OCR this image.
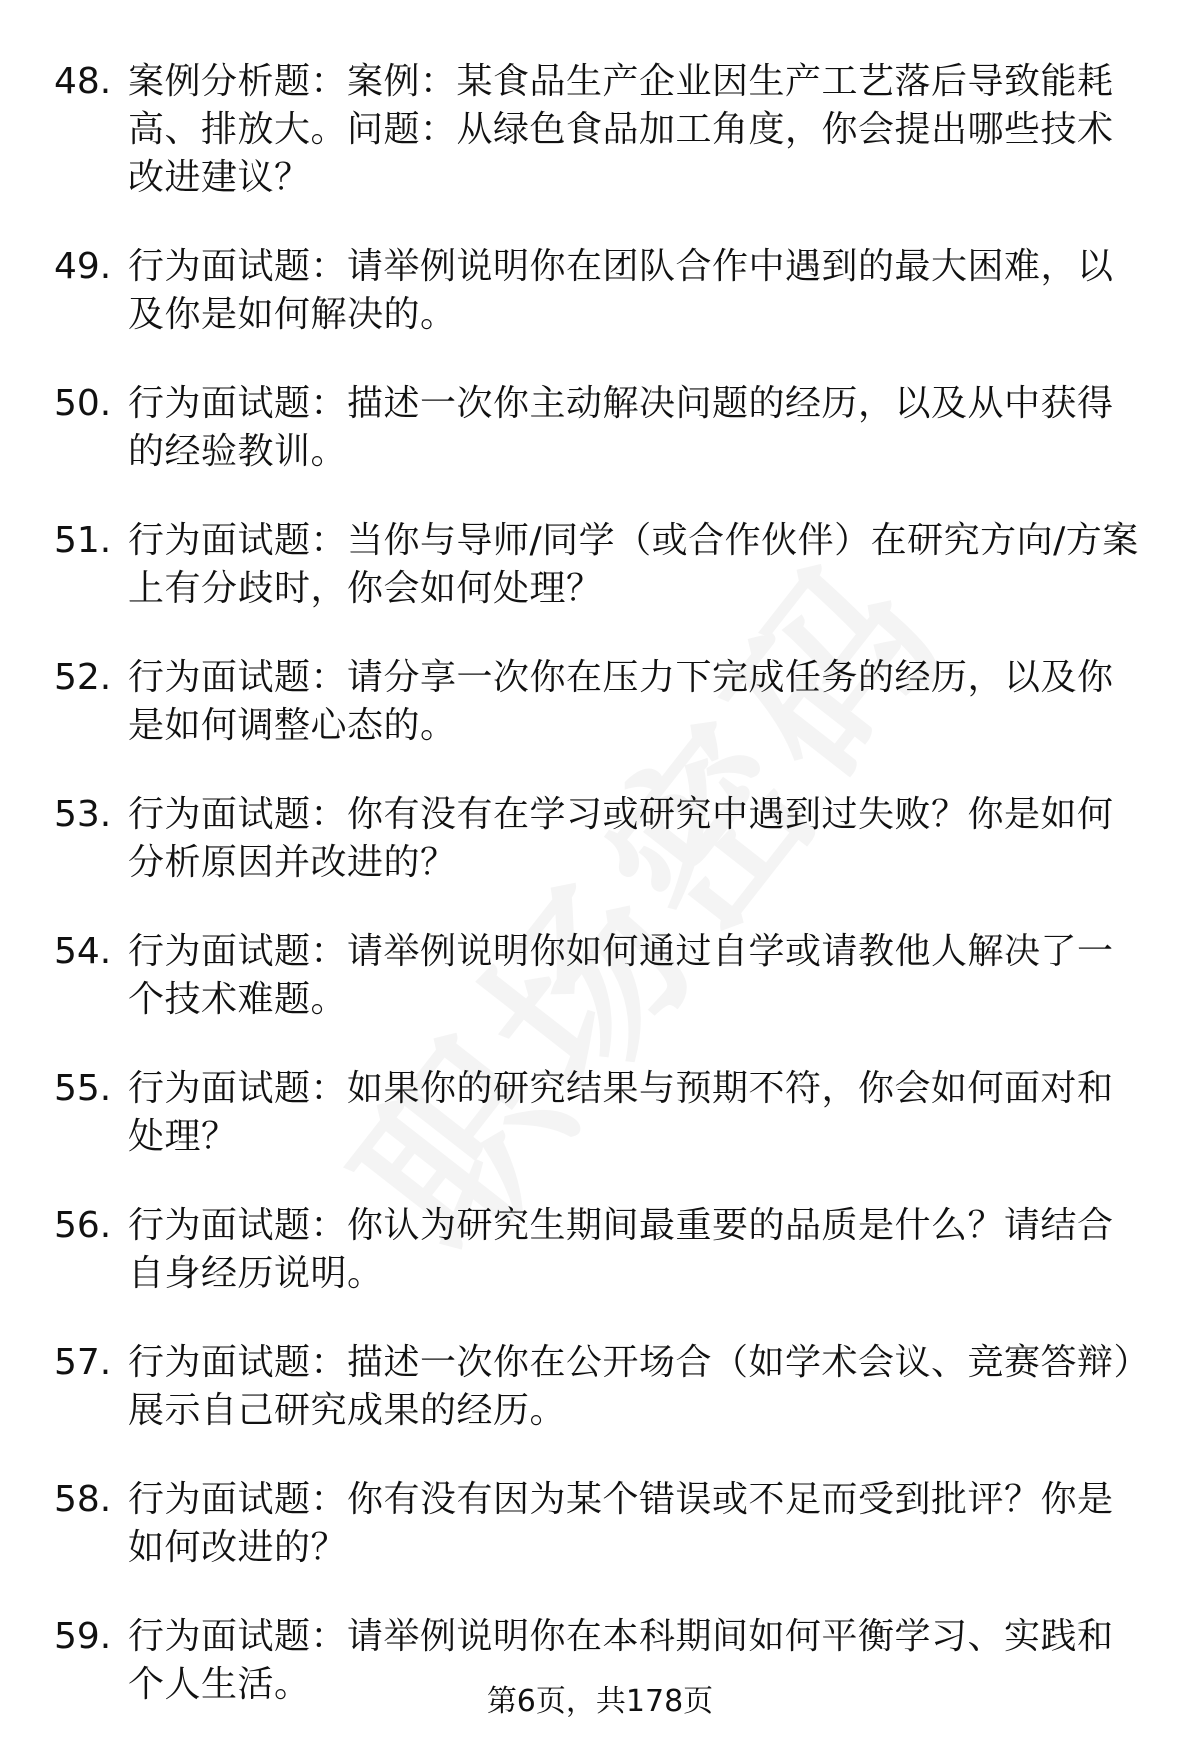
48. 案例分析题：案例：某食品生产企业因生产工艺落后导致能耗高、排放大。问题：从绿色食品加工角度，你会提出哪些技术改进建议？
49. 行为面试题：请举例说明你在团队合作中遇到的最大困难，以及你是如何解决的。
50. 行为面试题：描述一次你主动解决问题的经历，以及从中获得的经验教训。
51. 行为面试题：当你与导师/同学（或合作伙伴）在研究方向/方案上有分歧时，你会如何处理？
52. 行为面试题：请分享一次你在压力下完成任务的经历，以及你是如何调整心态的。
53. 行为面试题：你有没有在学习或研究中遇到过失败？你是如何分析原因并改进的？
54. 行为面试题：请举例说明你如何通过自学或请教他人解决了一个技术难题。
55. 行为面试题：如果你的研究结果与预期不符，你会如何面对和处理？
56. 行为面试题：你认为研究生期间最重要的品质是什么？请结合自身经历说明。
57. 行为面试题：描述一次你在公开场合（如学术会议、竞赛答辩）展示自己研究成果的经历。
58. 行为面试题：你有没有因为某个错误或不足而受到批评？你是如何改进的？
59. 行为面试题：请举例说明你在本科期间如何平衡学习、实践和个人生活。	第6页，共178页
